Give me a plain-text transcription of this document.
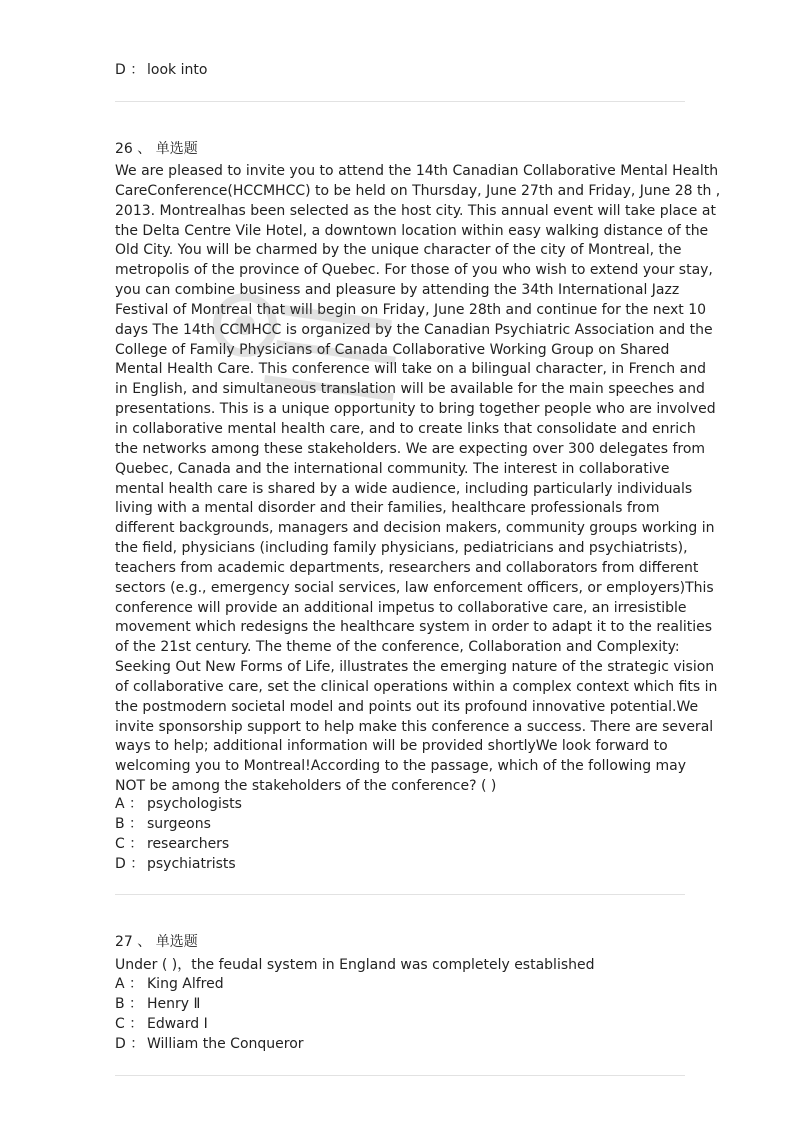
D ： look into
26 、 单选题
We are pleased to invite you to attend the 14th Canadian Collaborative Mental Health
CareConference(HCCMHCC) to be held on Thursday, June 27th and Friday, June 28 th ,
2013. Montrealhas been selected as the host city. This annual event will take place at
the Delta Centre Vile Hotel, a downtown location within easy walking distance of the
Old City. You will be charmed by the unique character of the city of Montreal, the
metropolis of the province of Quebec. For those of you who wish to extend your stay,
you can combine business and pleasure by attending the 34th International Jazz
Festival of Montreal that will begin on Friday, June 28th and continue for the next 10
days The 14th CCMHCC is organized by the Canadian Psychiatric Association and the
College of Family Physicians of Canada Collaborative Working Group on Shared
Mental Health Care. This conference will take on a bilingual character, in French and
in English, and simultaneous translation will be available for the main speeches and
presentations. This is a unique opportunity to bring together people who are involved
in collaborative mental health care, and to create links that consolidate and enrich
the networks among these stakeholders. We are expecting over 300 delegates from
Quebec, Canada and the international community. The interest in collaborative
mental health care is shared by a wide audience, including particularly individuals
living with a mental disorder and their families, healthcare professionals from
different backgrounds, managers and decision makers, community groups working in
the field, physicians (including family physicians, pediatricians and psychiatrists),
teachers from academic departments, researchers and collaborators from different
sectors (e.g., emergency social services, law enforcement officers, or employers)This
conference will provide an additional impetus to collaborative care, an irresistible
movement which redesigns the healthcare system in order to adapt it to the realities
of the 21st century. The theme of the conference, Collaboration and Complexity:
Seeking Out New Forms of Life, illustrates the emerging nature of the strategic vision
of collaborative care, set the clinical operations within a complex context which fits in
the postmodern societal model and points out its profound innovative potential.We
invite sponsorship support to help make this conference a success. There are several
ways to help; additional information will be provided shortlyWe look forward to
welcoming you to Montreal!According to the passage, which of the following may
NOT be among the stakeholders of the conference? ( )
A ： psychologists
B ： surgeons
C ： researchers
D ： psychiatrists
27 、 单选题
Under ( )，the feudal system in England was completely established
A ： King Alfred
B ： Henry Ⅱ
C ： Edward Ⅰ
D ： William the Conqueror
